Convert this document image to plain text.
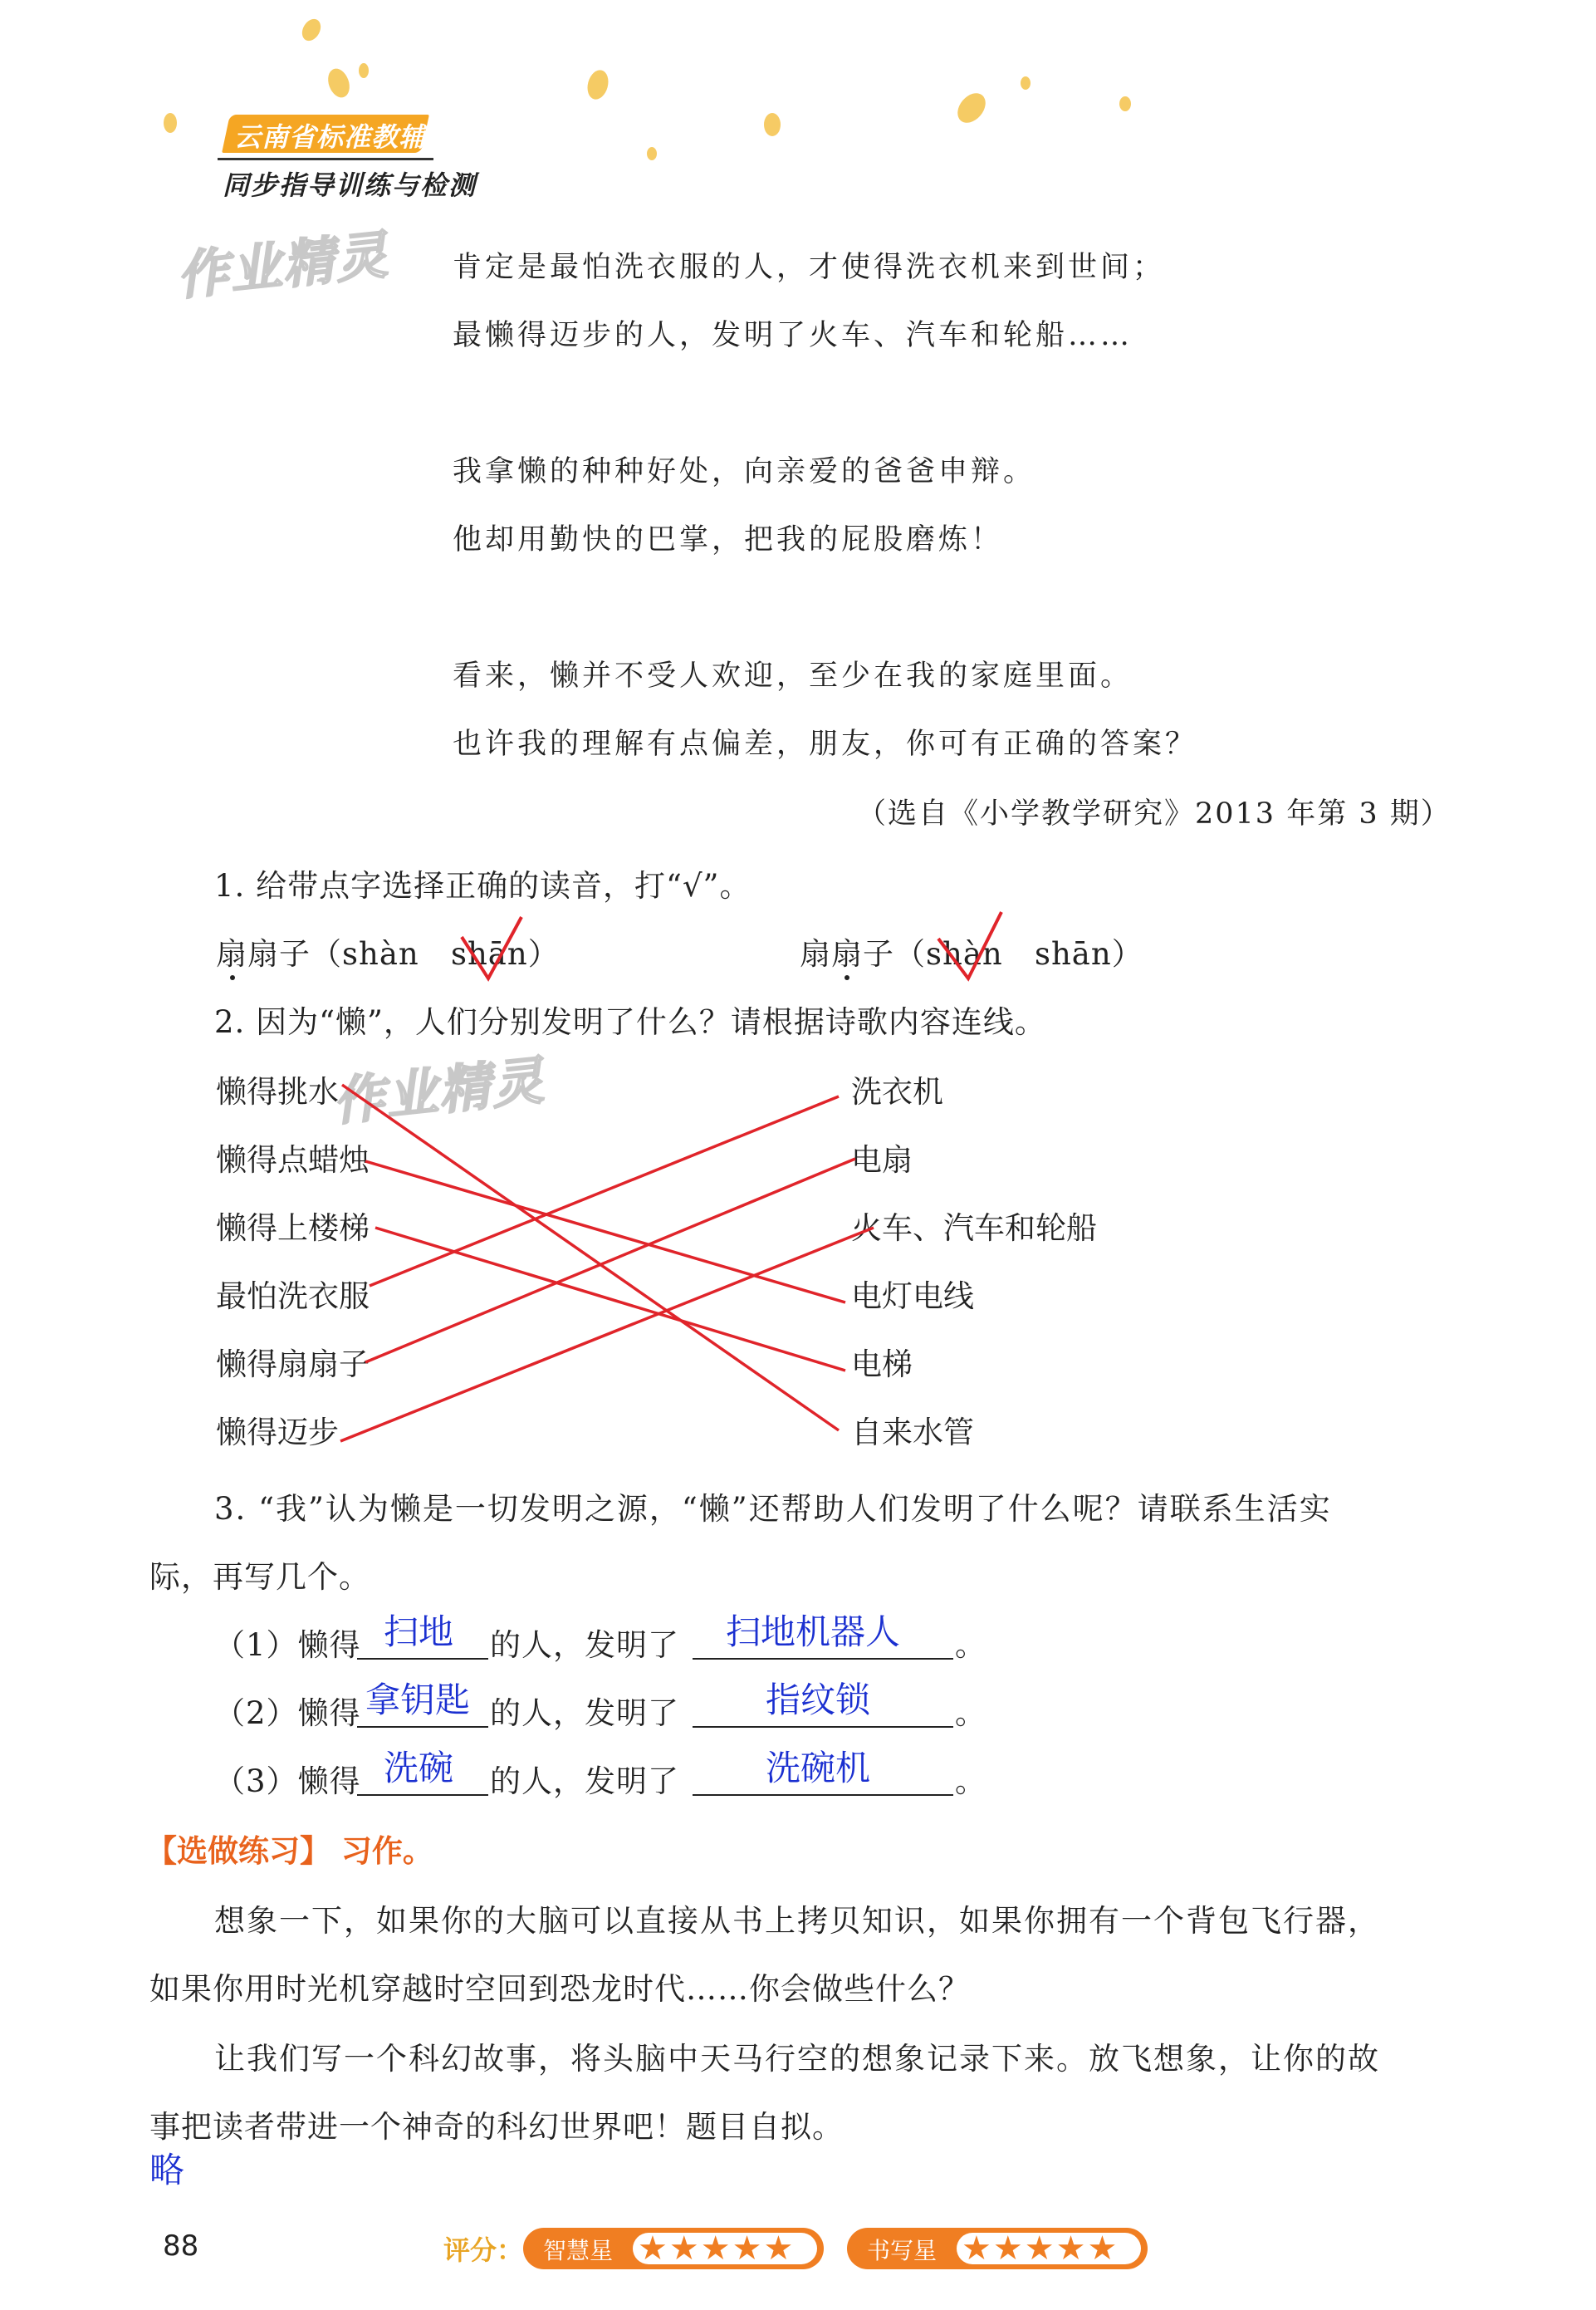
云南省标准教辅
同步指导训练与检测
作业精灵
作业精灵
肯定是最怕洗衣服的人，才使得洗衣机来到世间；
最懒得迈步的人，发明了火车、汽车和轮船……
我拿懒的种种好处，向亲爱的爸爸申辩。
他却用勤快的巴掌，把我的屁股磨炼！
看来，懒并不受人欢迎，至少在我的家庭里面。
也许我的理解有点偏差，朋友，你可有正确的答案？
（选自《小学教学研究》2013 年第 3 期）
1. 给带点字选择正确的读音，打“√”。
扇扇子（shàn   shān）	扇扇子（shàn   shān）
2. 因为“懒”，人们分别发明了什么？请根据诗歌内容连线。
懒得挑水
懒得点蜡烛
懒得上楼梯
最怕洗衣服
懒得扇扇子
懒得迈步
洗衣机
电扇
火车、汽车和轮船
电灯电线
电梯
自来水管
3. “我”认为懒是一切发明之源，“懒”还帮助人们发明了什么呢？请联系生活实
际，再写几个。
（1）懒得 扫地 的人，发明了 扫地机器人 。
（2）懒得 拿钥匙 的人，发明了 指纹锁	。
（3）懒得 洗碗 的人，发明了 洗碗机	。
【选做练习】 习作。
想象一下，如果你的大脑可以直接从书上拷贝知识，如果你拥有一个背包飞行器，
如果你用时光机穿越时空回到恐龙时代……你会做些什么？
让我们写一个科幻故事，将头脑中天马行空的想象记录下来。放飞想象，让你的故
事把读者带进一个神奇的科幻世界吧！题目自拟。
略
88	评分： 智慧星 ★★★★★	书写星 ★★★★★
